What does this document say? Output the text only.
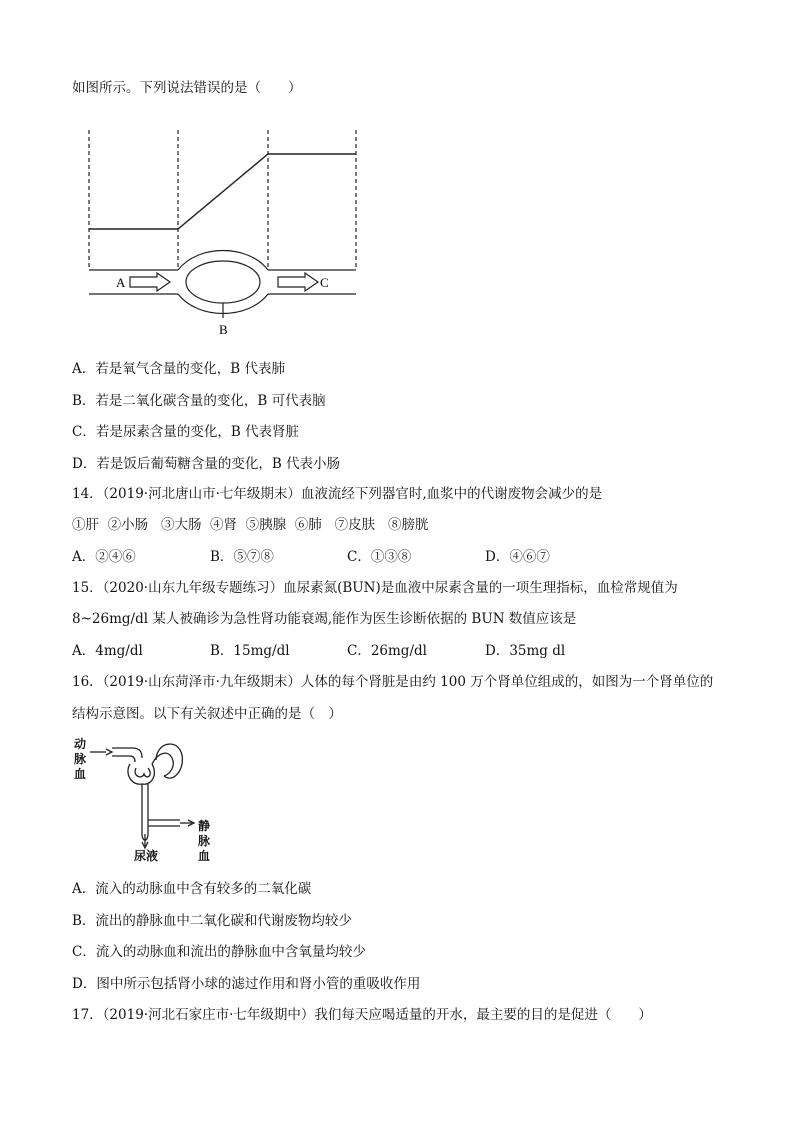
如图所示。下列说法错误的是（　　）
A	C
B
A．若是氧气含量的变化，B 代表肺
B．若是二氧化碳含量的变化，B 可代表脑
C．若是尿素含量的变化，B 代表肾脏
D．若是饭后葡萄糖含量的变化，B 代表小肠
14．（2019·河北唐山市·七年级期末）血液流经下列器官时,血浆中的代谢废物会减少的是
①肝  ②小肠   ③大肠  ④肾  ⑤胰腺  ⑥肺   ⑦皮肤   ⑧膀胱
A．②④⑥	B．⑤⑦⑧	C．①③⑧	D．④⑥⑦
15．（2020·山东九年级专题练习）血尿素氮(BUN)是血液中尿素含量的一项生理指标，血检常规值为
8~26mg/dl 某人被确诊为急性肾功能衰竭,能作为医生诊断依据的 BUN 数值应该是
A．4mg/dl	B．15mg/dl	C．26mg/dl	D．35mg dl
16．（2019·山东菏泽市·九年级期末）人体的每个肾脏是由约 100 万个肾单位组成的，如图为一个肾单位的
结构示意图。以下有关叙述中正确的是（　）
动
脉
血
静
脉
血
尿液
A．流入的动脉血中含有较多的二氧化碳
B．流出的静脉血中二氧化碳和代谢废物均较少
C．流入的动脉血和流出的静脉血中含氧量均较少
D．图中所示包括肾小球的滤过作用和肾小管的重吸收作用
17．（2019·河北石家庄市·七年级期中）我们每天应喝适量的开水，最主要的目的是促进（　　）
